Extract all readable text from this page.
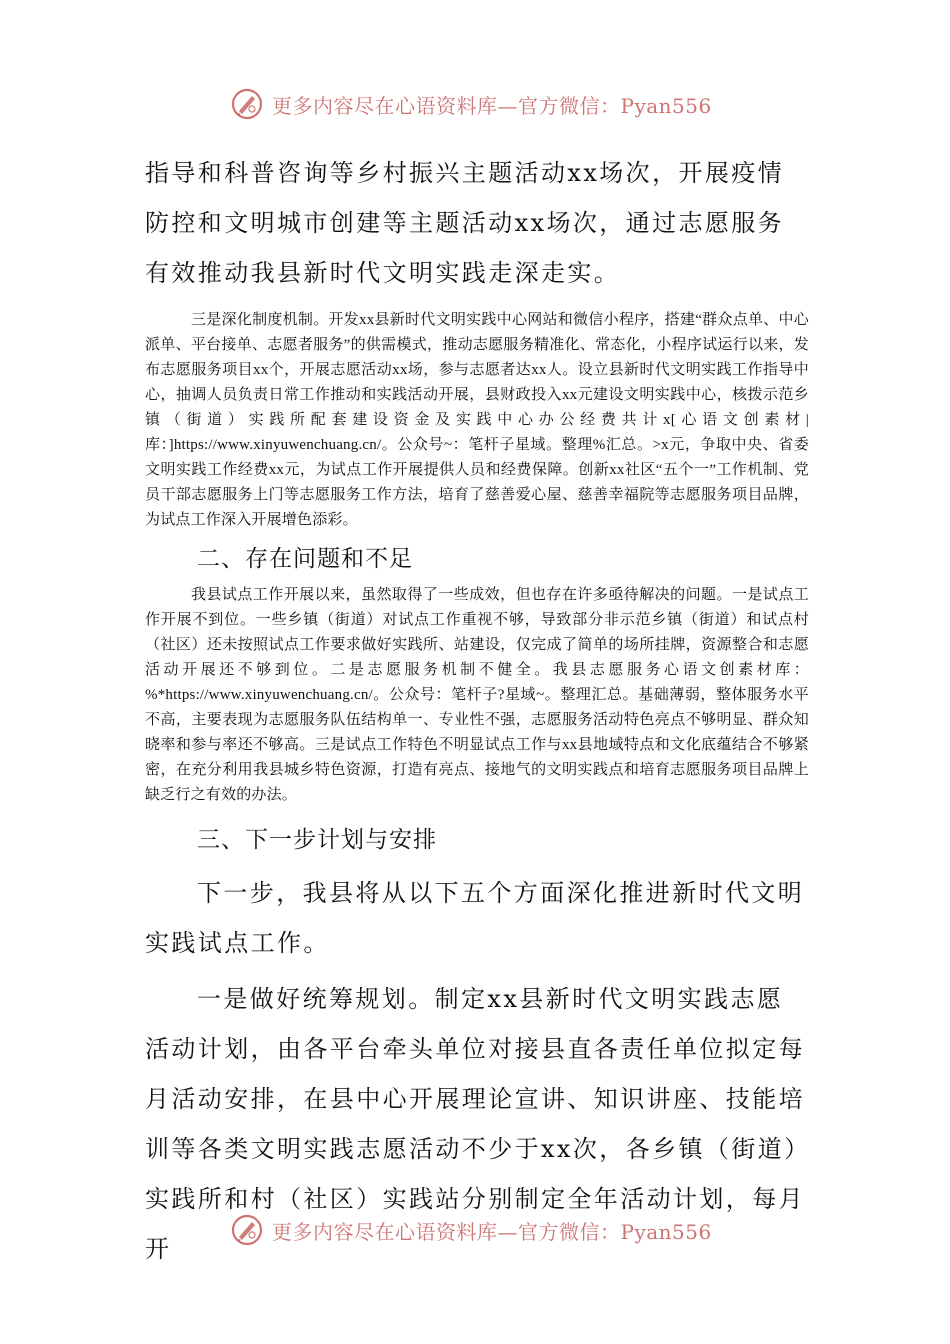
更多内容尽在心语资料库—官方微信：Pyan556

指导和科普咨询等乡村振兴主题活动xx场次，开展疫情防控和文明城市创建等主题活动xx场次，通过志愿服务有效推动我县新时代文明实践走深走实。

三是深化制度机制。开发xx县新时代文明实践中心网站和微信小程序，搭建“群众点单、中心派单、平台接单、志愿者服务”的供需模式，推动志愿服务精准化、常态化，小程序试运行以来，发布志愿服务项目xx个，开展志愿活动xx场，参与志愿者达xx人。设立县新时代文明实践工作指导中心，抽调人员负责日常工作推动和实践活动开展，县财政投入xx元建设文明实践中心，核拨示范乡镇（街道）实践所配套建设资金及实践中心办公经费共计x[心语文创素材|库：]https://www.xinyuwenchuang.cn/。公众号~：笔杆子星域。整理%汇总。>x元，争取中央、省委文明实践工作经费xx元，为试点工作开展提供人员和经费保障。创新xx社区“五个一”工作机制、党员干部志愿服务上门等志愿服务工作方法，培育了慈善爱心屋、慈善幸福院等志愿服务项目品牌，为试点工作深入开展增色添彩。

二、存在问题和不足

我县试点工作开展以来，虽然取得了一些成效，但也存在许多亟待解决的问题。一是试点工作开展不到位。一些乡镇（街道）对试点工作重视不够，导致部分非示范乡镇（街道）和试点村（社区）还未按照试点工作要求做好实践所、站建设，仅完成了简单的场所挂牌，资源整合和志愿活动开展还不够到位。二是志愿服务机制不健全。我县志愿服务心语文创素材库：%*https://www.xinyuwenchuang.cn/。公众号：笔杆子?星域~。整理汇总。基础薄弱，整体服务水平不高，主要表现为志愿服务队伍结构单一、专业性不强，志愿服务活动特色亮点不够明显、群众知晓率和参与率还不够高。三是试点工作特色不明显试点工作与xx县地域特点和文化底蕴结合不够紧密，在充分利用我县城乡特色资源，打造有亮点、接地气的文明实践点和培育志愿服务项目品牌上缺乏行之有效的办法。

三、下一步计划与安排

下一步，我县将从以下五个方面深化推进新时代文明实践试点工作。

一是做好统筹规划。制定xx县新时代文明实践志愿活动计划，由各平台牵头单位对接县直各责任单位拟定每月活动安排，在县中心开展理论宣讲、知识讲座、技能培训等各类文明实践志愿活动不少于xx次，各乡镇（街道）实践所和村（社区）实践站分别制定全年活动计划，每月开

更多内容尽在心语资料库—官方微信：Pyan556
